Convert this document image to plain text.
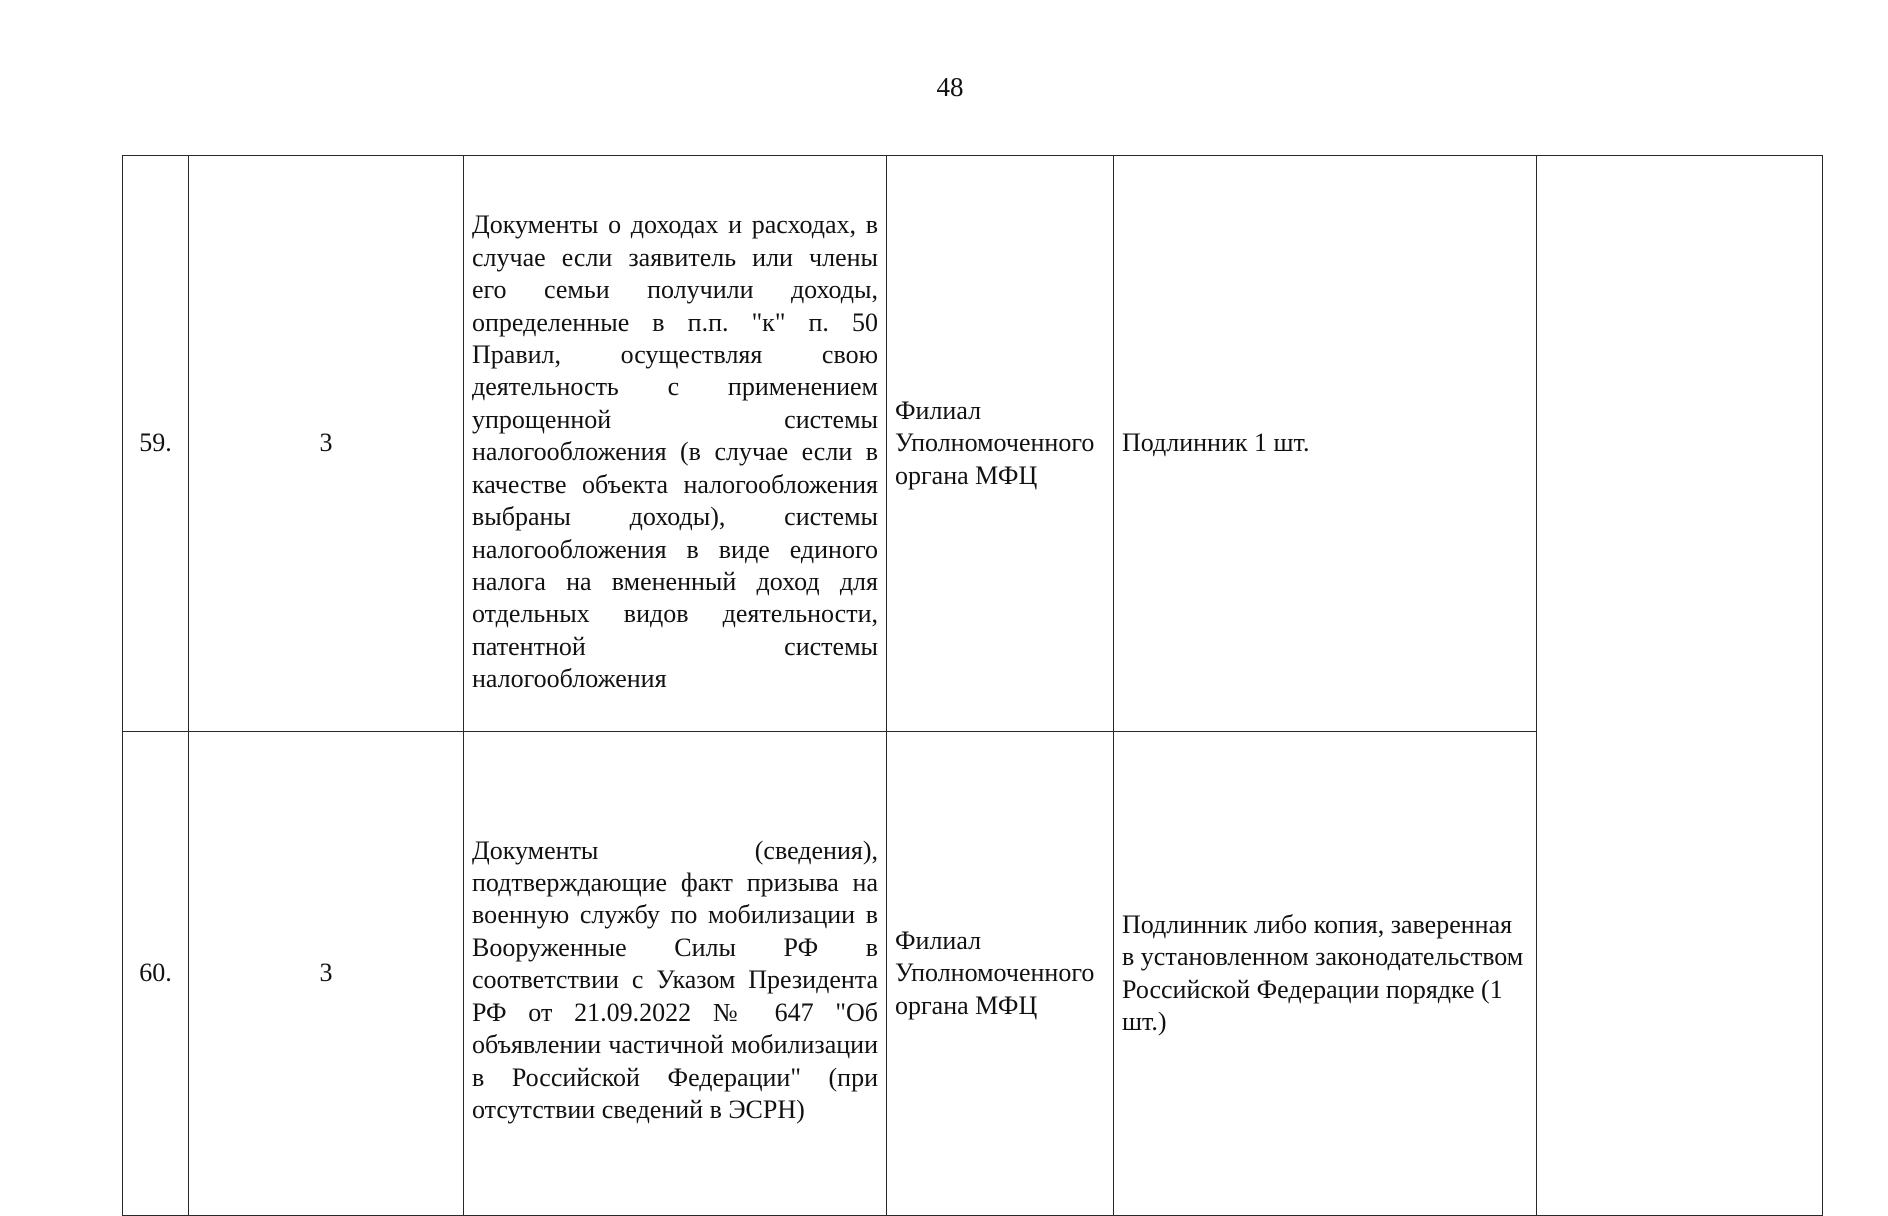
48
59.	3	Документы о доходах и расходах, в случае если заявитель или члены его семьи получили доходы, определенные в п.п. "к" п. 50 Правил, осуществляя свою деятельность с применением упрощенной системы налогообложения (в случае если в качестве объекта налогообложения выбраны доходы), системы налогообложения в виде единого налога на вмененный доход для отдельных видов деятельности, патентной системы налогообложения	Филиал Уполномоченного органа МФЦ	Подлинник 1 шт.	
60.	3	Документы (сведения), подтверждающие факт призыва на военную службу по мобилизации в Вооруженные Силы РФ в соответствии с Указом Президента РФ от 21.09.2022 № 647 "Об объявлении частичной мобилизации в Российской Федерации" (при отсутствии сведений в ЭСРН)	Филиал Уполномоченного органа МФЦ	Подлинник либо копия, заверенная в установленном законодательством Российской Федерации порядке (1 шт.)	
